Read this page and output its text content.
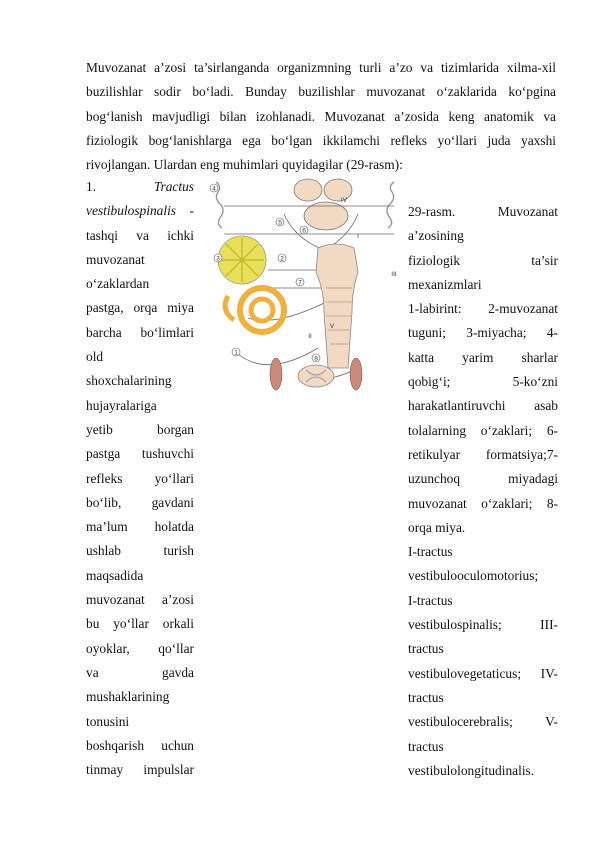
Muvozanat a’zosi ta’sirlanganda organizmning turli a’zo va tizimlarida xilma-xil buzilishlar sodir bo‘ladi. Bunday buzilishlar muvozanat o‘zaklarida ko‘pgina bog‘lanish mavjudligi bilan izohlanadi. Muvozanat a’zosida keng anatomik va fiziologik bog‘lanishlarga ega bo‘lgan ikkilamchi refleks yo‘llari juda yaxshi rivojlangan. Ulardan eng muhimlari quyidagilar (29-rasm):

1.	Tractus
vestibulospinalis -
tashqi va ichki
muvozanat
o‘zaklardan
pastga, orqa miya
barcha bo‘limlari
old
shoxchalarining
hujayralariga
yetib	borgan
pastga tushuvchi
refleks yo‘llari
bo‘lib, gavdani
ma’lum holatda
ushlab	turish
maqsadida
muvozanat a’zosi
bu yo‘llar orkali
oyoklar, qo‘llar
va	gavda
mushaklarining
tonusini
boshqarish uchun
tinmay impulslar
4
5
6
7
8
2
1
3
I
II
III
IV
V
29-rasm.	Muvozanat
a’zosining
fiziologik	ta’sir
mexanizmlari
1-labirint: 2-muvozanat
tuguni; 3-miyacha; 4-
katta yarim sharlar
qobig‘i;	5-ko‘zni
harakatlantiruvchi asab
tolalarning o‘zaklari; 6-
retikulyar formatsiya;7-
uzunchoq	miyadagi
muvozanat o‘zaklari; 8-
orqa miya.
I-tractus
vestibulooculomotorius;
I-tractus
vestibulospinalis;	III-
tractus
vestibulovegetaticus; IV-
tractus
vestibulocerebralis; V-
tractus
vestibulolongitudinalis.
